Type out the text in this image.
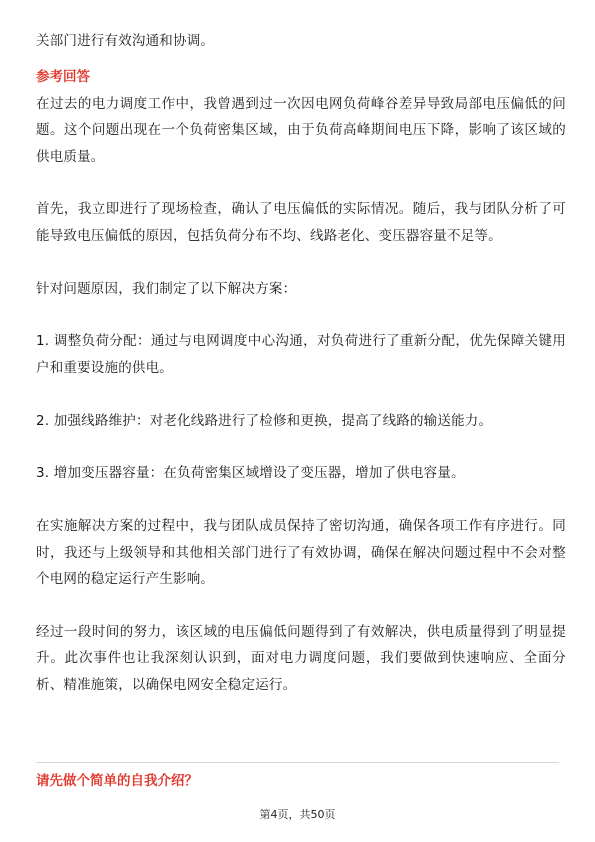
关部门进行有效沟通和协调。

参考回答

在过去的电力调度工作中，我曾遇到过一次因电网负荷峰谷差异导致局部电压偏低的问题。这个问题出现在一个负荷密集区域，由于负荷高峰期间电压下降，影响了该区域的供电质量。

首先，我立即进行了现场检查，确认了电压偏低的实际情况。随后，我与团队分析了可能导致电压偏低的原因，包括负荷分布不均、线路老化、变压器容量不足等。

针对问题原因，我们制定了以下解决方案：

1. 调整负荷分配：通过与电网调度中心沟通，对负荷进行了重新分配，优先保障关键用户和重要设施的供电。

2. 加强线路维护：对老化线路进行了检修和更换，提高了线路的输送能力。

3. 增加变压器容量：在负荷密集区域增设了变压器，增加了供电容量。

在实施解决方案的过程中，我与团队成员保持了密切沟通，确保各项工作有序进行。同时，我还与上级领导和其他相关部门进行了有效协调，确保在解决问题过程中不会对整个电网的稳定运行产生影响。

经过一段时间的努力，该区域的电压偏低问题得到了有效解决，供电质量得到了明显提升。此次事件也让我深刻认识到，面对电力调度问题，我们要做到快速响应、全面分析、精准施策，以确保电网安全稳定运行。

请先做个简单的自我介绍？

第4页，共50页
